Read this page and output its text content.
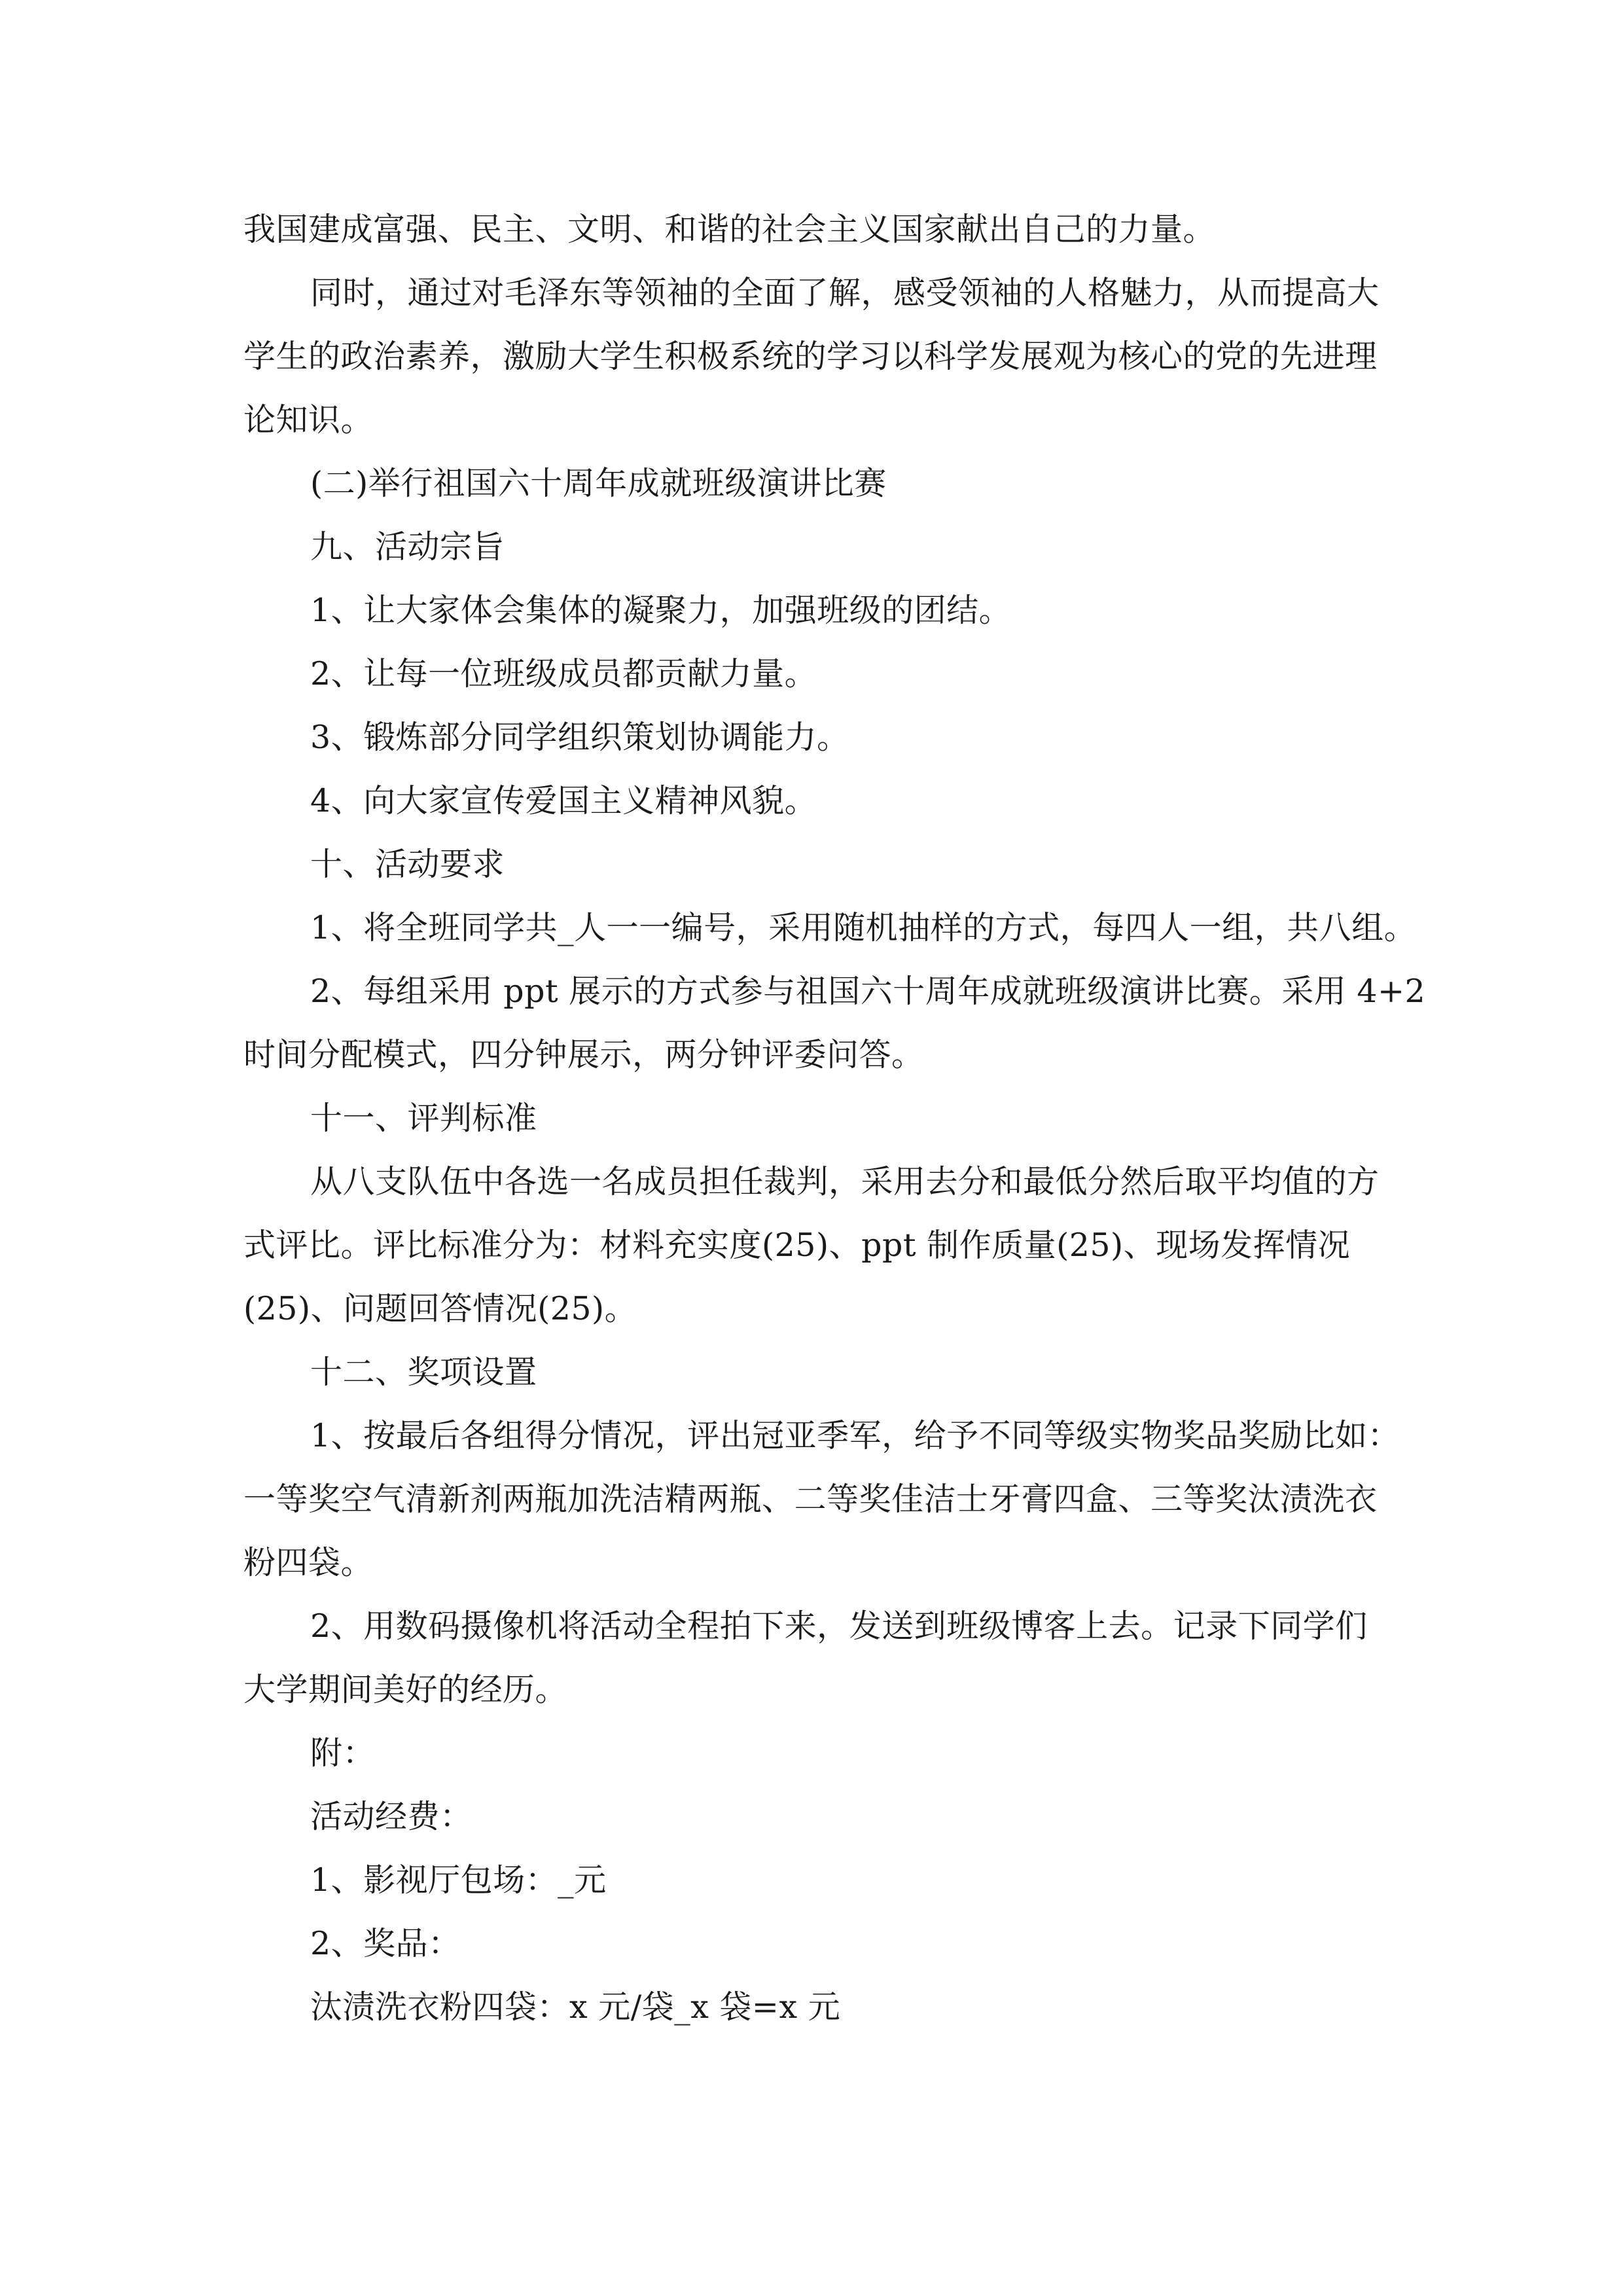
我国建成富强、民主、文明、和谐的社会主义国家献出自己的力量。
同时，通过对毛泽东等领袖的全面了解，感受领袖的人格魅力，从而提高大
学生的政治素养，激励大学生积极系统的学习以科学发展观为核心的党的先进理
论知识。
(二)举行祖国六十周年成就班级演讲比赛
九、活动宗旨
1、让大家体会集体的凝聚力，加强班级的团结。
2、让每一位班级成员都贡献力量。
3、锻炼部分同学组织策划协调能力。
4、向大家宣传爱国主义精神风貌。
十、活动要求
1、将全班同学共_人一一编号，采用随机抽样的方式，每四人一组，共八组。
2、每组采用 ppt 展示的方式参与祖国六十周年成就班级演讲比赛。采用 4+2
时间分配模式，四分钟展示，两分钟评委问答。
十一、评判标准
从八支队伍中各选一名成员担任裁判，采用去分和最低分然后取平均值的方
式评比。评比标准分为：材料充实度(25)、ppt 制作质量(25)、现场发挥情况
(25)、问题回答情况(25)。
十二、奖项设置
1、按最后各组得分情况，评出冠亚季军，给予不同等级实物奖品奖励比如：
一等奖空气清新剂两瓶加洗洁精两瓶、二等奖佳洁士牙膏四盒、三等奖汰渍洗衣
粉四袋。
2、用数码摄像机将活动全程拍下来，发送到班级博客上去。记录下同学们
大学期间美好的经历。
附：
活动经费：
1、影视厅包场：_元
2、奖品：
汰渍洗衣粉四袋：x 元/袋_x 袋=x 元
